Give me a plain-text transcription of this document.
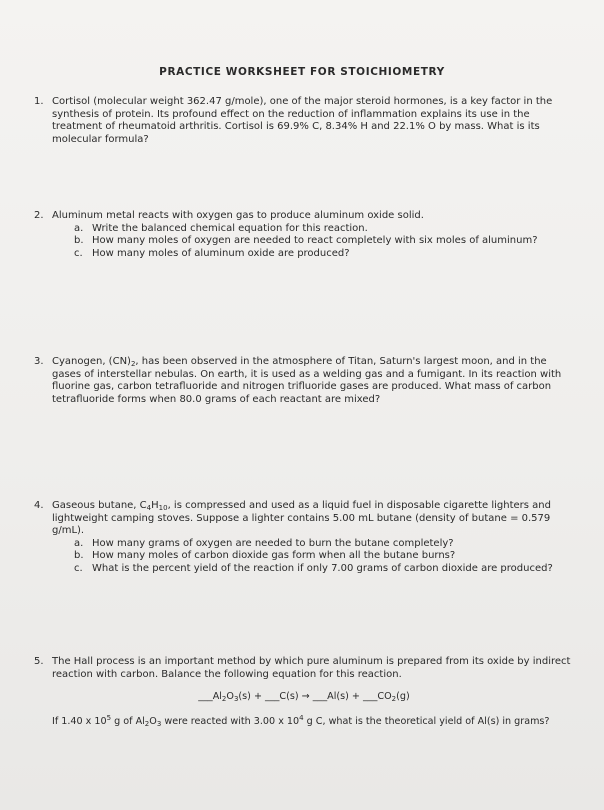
PRACTICE WORKSHEET FOR STOICHIOMETRY
1. Cortisol (molecular weight 362.47 g/mole), one of the major steroid hormones, is a key factor in the synthesis of protein. Its profound effect on the reduction of inflammation explains its use in the treatment of rheumatoid arthritis. Cortisol is 69.9% C, 8.34% H and 22.1% O by mass. What is its molecular formula?
2. Aluminum metal reacts with oxygen gas to produce aluminum oxide solid.
a. Write the balanced chemical equation for this reaction.
b. How many moles of oxygen are needed to react completely with six moles of aluminum?
c. How many moles of aluminum oxide are produced?
3. Cyanogen, $(CN)_2$, has been observed in the atmosphere of Titan, Saturn's largest moon, and in the gases of interstellar nebulas. On earth, it is used as a welding gas and a fumigant. In its reaction with fluorine gas, carbon tetrafluoride and nitrogen trifluoride gases are produced. What mass of carbon tetrafluoride forms when 80.0 grams of each reactant are mixed?
4. Gaseous butane, $C_4H_{10}$, is compressed and used as a liquid fuel in disposable cigarette lighters and lightweight camping stoves. Suppose a lighter contains 5.00 mL butane (density of butane = 0.579 g/mL).
a. How many grams of oxygen are needed to burn the butane completely?
b. How many moles of carbon dioxide gas form when all the butane burns?
c. What is the percent yield of the reaction if only 7.00 grams of carbon dioxide are produced?
5. The Hall process is an important method by which pure aluminum is prepared from its oxide by indirect reaction with carbon. Balance the following equation for this reaction.
$\_\_\_Al_2O_3(s)$ + ___C(s) → ___Al(s) + $\_\_\_CO_2(g)$
If 1.40 x $10^5$ g of $Al_2O_3$ were reacted with 3.00 x $10^4$ g C, what is the theoretical yield of Al(s) in grams?
